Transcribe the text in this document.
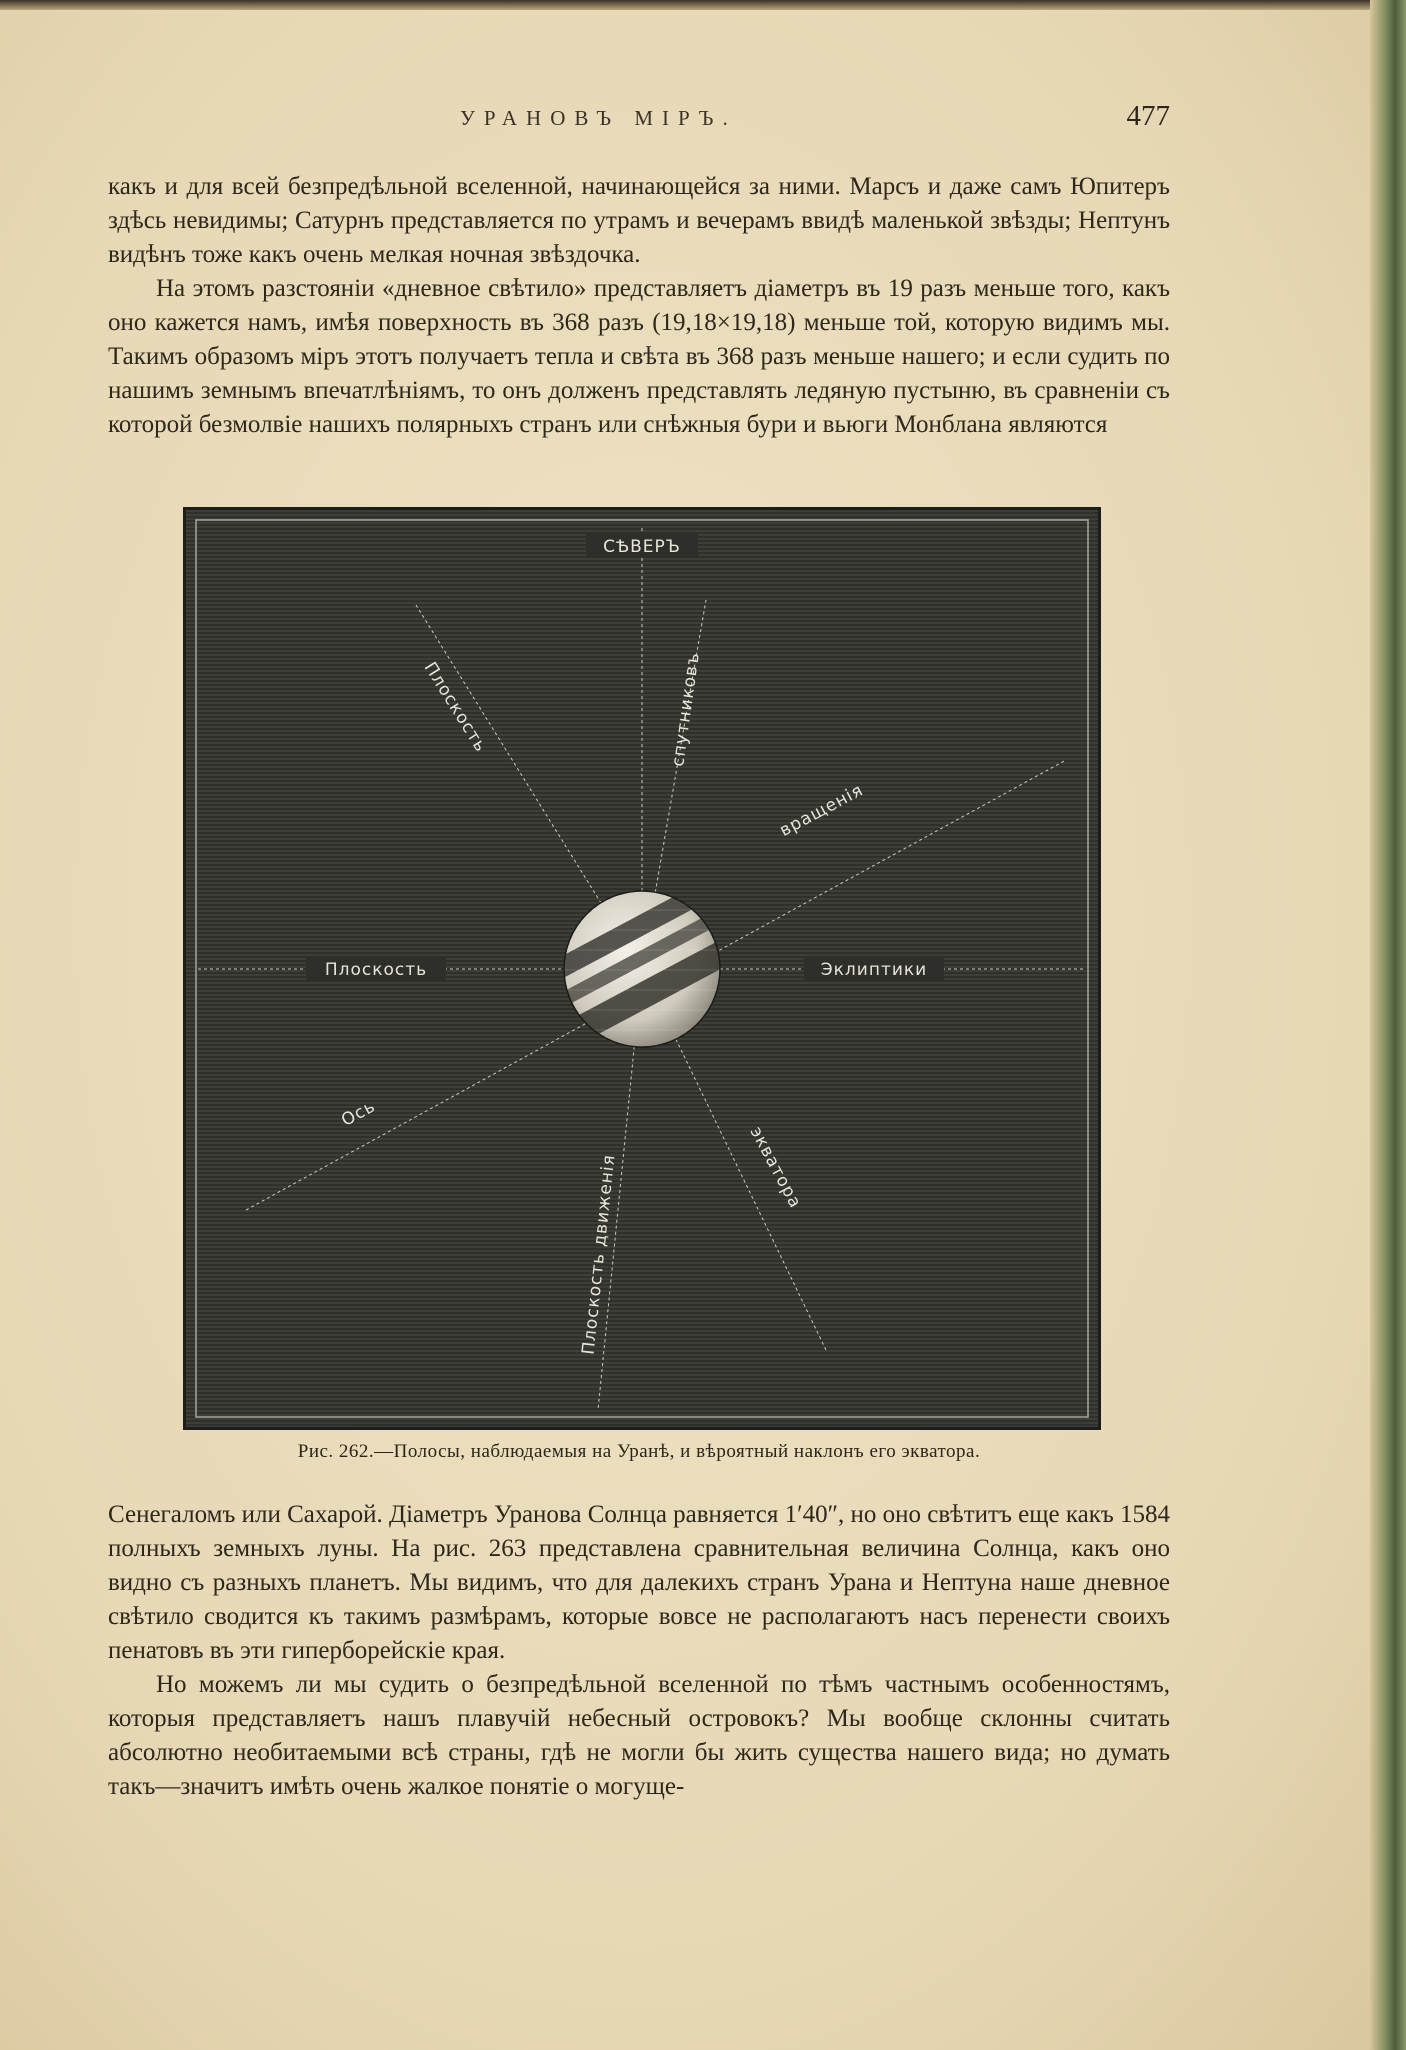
УРАНОВЪ МІРЪ.	477

какъ и для всей безпредѣльной вселенной, начинающейся за ними. Марсъ и даже самъ Юпитеръ здѣсь невидимы; Сатурнъ представляется по утрамъ и вечерамъ ввидѣ маленькой звѣзды; Нептунъ видѣнъ тоже какъ очень мелкая ночная звѣздочка.

На этомъ разстояніи «дневное свѣтило» представляетъ діаметръ въ 19 разъ меньше того, какъ оно кажется намъ, имѣя поверхность въ 368 разъ (19,18×19,18) меньше той, которую видимъ мы. Такимъ образомъ міръ этотъ получаетъ тепла и свѣта въ 368 разъ меньше нашего; и если судить по нашимъ земнымъ впечатлѣніямъ, то онъ долженъ представлять ледяную пустыню, въ сравненіи съ которой безмолвіе нашихъ полярныхъ странъ или снѣжныя бури и вьюги Монблана являются

СѢВЕРЪ
Плоскость	спутниковъ
вращенія
Плоскость	Эклиптики
Ось
экватора
Плоскость движенія
Рис. 262.—Полосы, наблюдаемыя на Уранѣ, и вѣроятный наклонъ его экватора.

Сенегаломъ или Сахарой. Діаметръ Уранова Солнца равняется 1′40″, но оно свѣтитъ еще какъ 1584 полныхъ земныхъ луны. На рис. 263 представлена сравнительная величина Солнца, какъ оно видно съ разныхъ планетъ. Мы видимъ, что для далекихъ странъ Урана и Нептуна наше дневное свѣтило сводится къ такимъ размѣрамъ, которые вовсе не располагаютъ насъ перенести своихъ пенатовъ въ эти гиперборейскіе края.

Но можемъ ли мы судить о безпредѣльной вселенной по тѣмъ частнымъ особенностямъ, которыя представляетъ нашъ плавучій небесный островокъ? Мы вообще склонны считать абсолютно необитаемыми всѣ страны, гдѣ не могли бы жить существа нашего вида; но думать такъ—значитъ имѣть очень жалкое понятіе о могуще-
